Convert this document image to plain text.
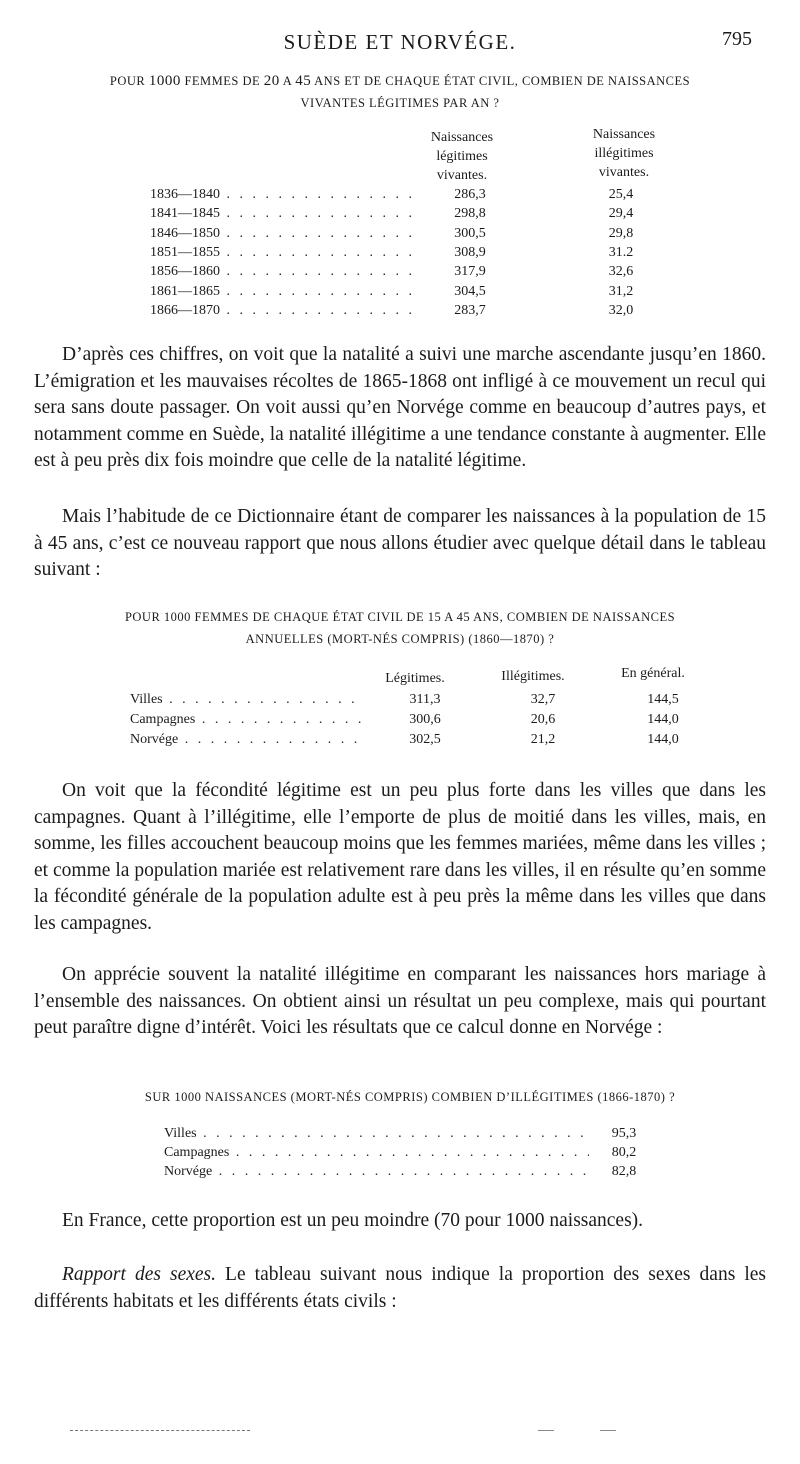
SUÈDE ET NORVÉGE.	795
POUR 1000 FEMMES DE 20 A 45 ANS ET DE CHAQUE ÉTAT CIVIL, COMBIEN DE NAISSANCES
VIVANTES LÉGITIMES PAR AN ?
Naissances
légitimes
vivantes.
Naissances
illégitimes
vivantes.
1836—1840 . . .	286,3	25,4
1841—1845 . . .	298,8	29,4
1846—1850 . . .	300,5	29,8
1851—1855 . . .	308,9	31.2
1856—1860 . . .	317,9	32,6
1861—1865 . . .	304,5	31,2
1866—1870 . . .	283,7	32,0
D’après ces chiffres, on voit que la natalité a suivi une marche ascendante jusqu’en 1860. L’émigration et les mauvaises récoltes de 1865-1868 ont infligé à ce mouvement un recul qui sera sans doute passager. On voit aussi qu’en Norvége comme en beaucoup d’autres pays, et notamment comme en Suède, la natalité illégitime a une tendance constante à augmenter. Elle est à peu près dix fois moindre que celle de la natalité légitime.
Mais l’habitude de ce Dictionnaire étant de comparer les naissances à la population de 15 à 45 ans, c’est ce nouveau rapport que nous allons étudier avec quelque détail dans le tableau suivant :
POUR 1000 FEMMES DE CHAQUE ÉTAT CIVIL DE 15 A 45 ANS, COMBIEN DE NAISSANCES
ANNUELLES (MORT-NÉS COMPRIS) (1860—1870) ?
Légitimes.	Illégitimes.	En général.
Villes . . .	311,3	32,7	144,5
Campagnes . . .	300,6	20,6	144,0
Norvége . . .	302,5	21,2	144,0
On voit que la fécondité légitime est un peu plus forte dans les villes que dans les campagnes. Quant à l’illégitime, elle l’emporte de plus de moitié dans les villes, mais, en somme, les filles accouchent beaucoup moins que les femmes mariées, même dans les villes ; et comme la population mariée est relativement rare dans les villes, il en résulte qu’en somme la fécondité générale de la population adulte est à peu près la même dans les villes que dans les campagnes.
On apprécie souvent la natalité illégitime en comparant les naissances hors mariage à l’ensemble des naissances. On obtient ainsi un résultat un peu complexe, mais qui pourtant peut paraître digne d’intérêt. Voici les résultats que ce calcul donne en Norvége :
SUR 1000 NAISSANCES (MORT-NÉS COMPRIS) COMBIEN D’ILLÉGITIMES (1866-1870) ?
Villes . . .	95,3
Campagnes . . .	80,2
Norvége . . .	82,8
En France, cette proportion est un peu moindre (70 pour 1000 naissances).
Rapport des sexes. Le tableau suivant nous indique la proportion des sexes dans les différents habitats et les différents états civils :
